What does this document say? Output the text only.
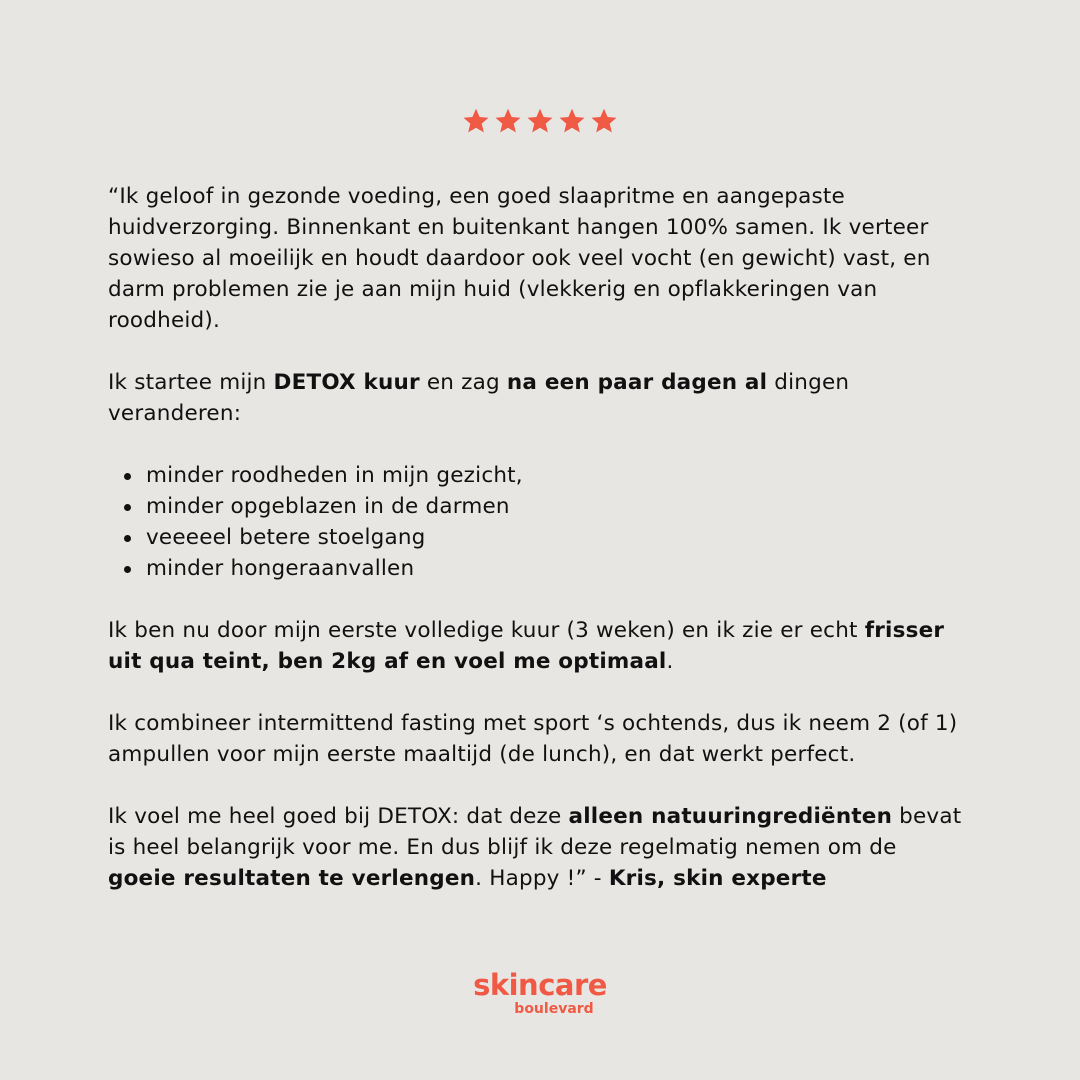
“Ik geloof in gezonde voeding, een goed slaapritme en aangepaste huidverzorging. Binnenkant en buitenkant hangen 100% samen. Ik verteer sowieso al moeilijk en houdt daardoor ook veel vocht (en gewicht) vast, en darm problemen zie je aan mijn huid (vlekkerig en opflakkeringen van roodheid).

Ik startee mijn DETOX kuur en zag na een paar dagen al dingen veranderen:

minder roodheden in mijn gezicht,
minder opgeblazen in de darmen
veeeeel betere stoelgang
minder hongeraanvallen

Ik ben nu door mijn eerste volledige kuur (3 weken) en ik zie er echt frisser uit qua teint, ben 2kg af en voel me optimaal.

Ik combineer intermittend fasting met sport ‘s ochtends, dus ik neem 2 (of 1) ampullen voor mijn eerste maaltijd (de lunch), en dat werkt perfect.

Ik voel me heel goed bij DETOX: dat deze alleen natuuringrediënten bevat is heel belangrijk voor me. En dus blijf ik deze regelmatig nemen om de goeie resultaten te verlengen. Happy !” - Kris, skin experte

skincare
boulevard
